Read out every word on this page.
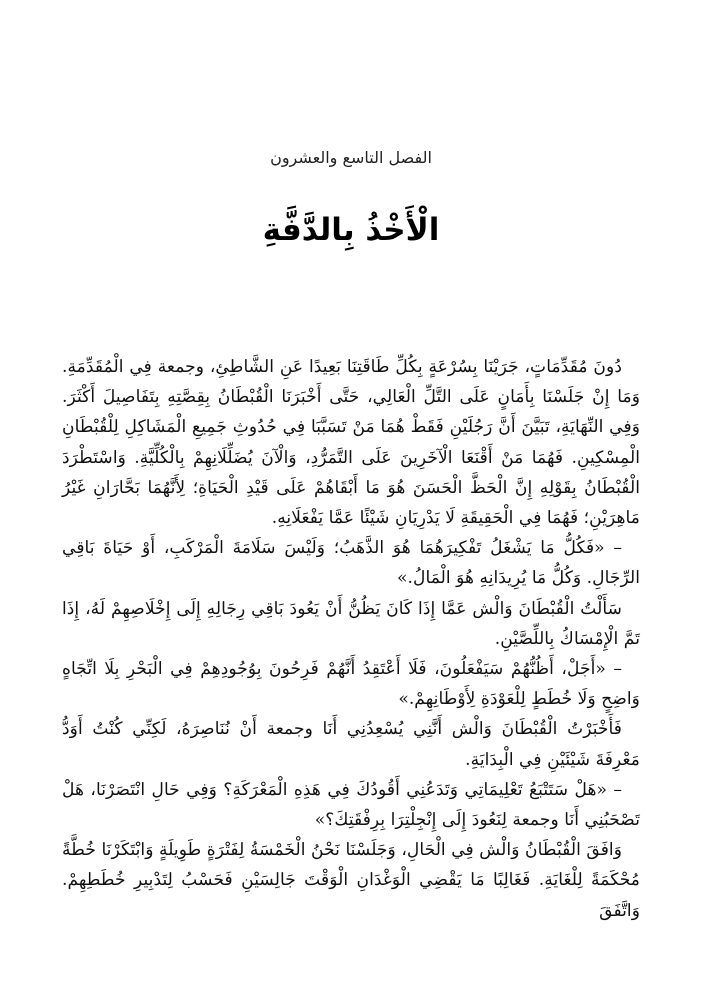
الفصل التاسع والعشرون
الْأَخْذُ بِالدَّفَّةِ

دُونَ مُقَدِّمَاتٍ، جَرَيْنَا بِسُرْعَةٍ بِكُلِّ طَاقَتِنَا بَعِيدًا عَنِ الشَّاطِئِ، وجمعة فِي الْمُقَدِّمَةِ. وَمَا إِنْ جَلَسْنَا بِأَمَانٍ عَلَى التَّلِّ الْعَالِي، حَتَّى أَخْبَرَنَا الْقُبْطَانُ بِقِصَّتِهِ بِتَفَاصِيلَ أَكْثَرَ. وَفِي النِّهَايَةِ، تَبَيَّنَ أَنَّ رَجُلَيْنِ فَقَطْ هُمَا مَنْ تَسَبَّبَا فِي حُدُوثِ جَمِيعِ الْمَشَاكِلِ لِلْقُبْطَانِ الْمِسْكِينِ. فَهُمَا مَنْ أَقْنَعَا الْآخَرِينَ عَلَى التَّمَرُّدِ، وَالْآنَ يُضَلِّلَانِهِمْ بِالْكُلِّيَّةِ. وَاسْتَطْرَدَ الْقُبْطَانُ بِقَوْلِهِ إِنَّ الْحَظَّ الْحَسَنَ هُوَ مَا أَبْقَاهُمْ عَلَى قَيْدِ الْحَيَاةِ؛ لِأَنَّهُمَا بَحَّارَانِ غَيْرُ مَاهِرَيْنِ؛ فَهُمَا فِي الْحَقِيقَةِ لَا يَدْرِيَانِ شَيْئًا عَمَّا يَفْعَلَانِهِ.

– «فَكُلُّ مَا يَشْغَلُ تَفْكِيرَهُمَا هُوَ الذَّهَبُ؛ وَلَيْسَ سَلَامَةَ الْمَرْكَبِ، أَوْ حَيَاةَ بَاقِي الرِّجَالِ. وَكُلُّ مَا يُرِيدَانِهِ هُوَ الْمَالُ.»

سَأَلْتُ الْقُبْطَانَ وَالْش عَمَّا إِذَا كَانَ يَظُنُّ أَنْ يَعُودَ بَاقِي رِجَالِهِ إِلَى إِخْلَاصِهِمْ لَهُ، إِذَا تَمَّ الْإِمْسَاكُ بِاللِّصَّيْنِ.

– «أَجَلْ، أَظُنُّهُمْ سَيَفْعَلُونَ، فَلَا أَعْتَقِدُ أَنَّهُمْ فَرِحُونَ بِوُجُودِهِمْ فِي الْبَحْرِ بِلَا اتِّجَاهٍ وَاضِحٍ وَلَا خُطَطٍ لِلْعَوْدَةِ لِأَوْطَانِهِمْ.»

فَأَخْبَرْتُ الْقُبْطَانَ وَالْش أَنَّنِي يُسْعِدُنِي أَنَا وجمعة أَنْ نُنَاصِرَهُ، لَكِنِّي كُنْتُ أَوَدُّ مَعْرِفَةَ شَيْئَيْنِ فِي الْبِدَايَةِ.

– «هَلْ سَتَتْبَعُ تَعْلِيمَاتِي وَتَدَعُنِي أَقُودُكَ فِي هَذِهِ الْمَعْرَكَةِ؟ وَفِي حَالِ انْتَصَرْنَا، هَلْ تَصْحَبُنِي أَنَا وجمعة لِنَعُودَ إِلَى إِنْجِلْتِرَا بِرِفْقَتِكَ؟»

وَافَقَ الْقُبْطَانُ وَالْش فِي الْحَالِ، وَجَلَسْنَا نَحْنُ الْخَمْسَةُ لِفَتْرَةٍ طَوِيلَةٍ وَابْتَكَرْنَا خُطَّةً مُحْكَمَةً لِلْغَايَةِ. فَغَالِبًا مَا يَقْضِي الْوَغْدَانِ الْوَقْتَ جَالِسَيْنِ فَحَسْبُ لِتَدْبِيرِ خُطَطِهِمْ. وَاتَّفَقَ
